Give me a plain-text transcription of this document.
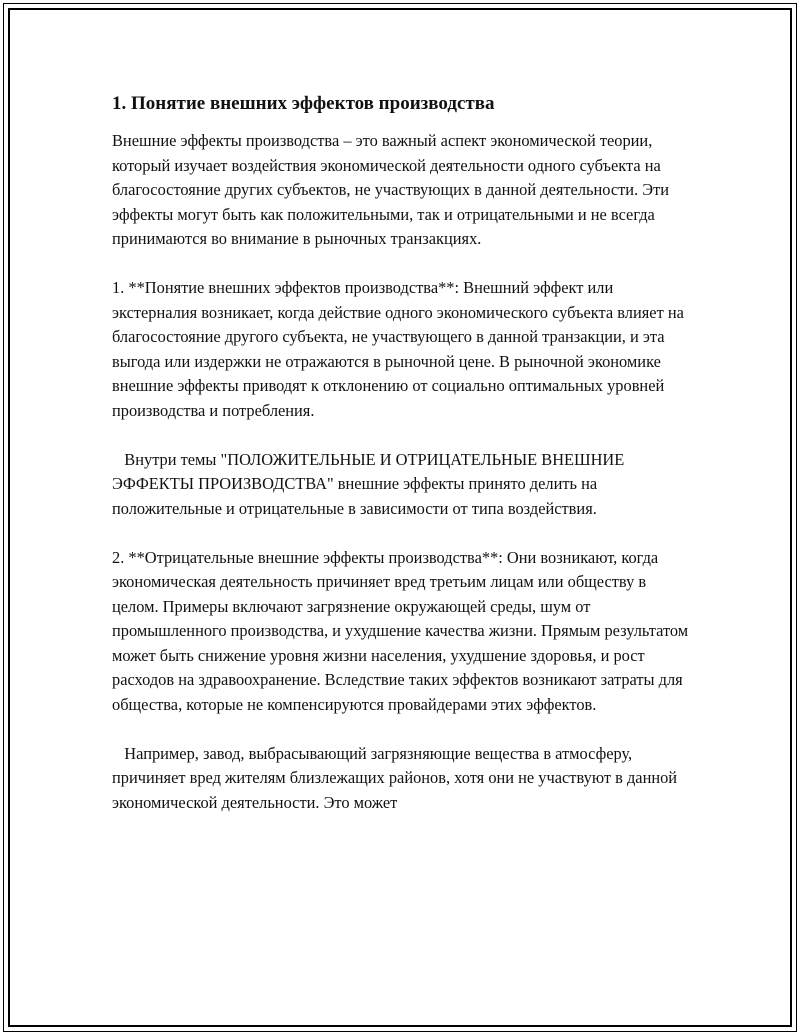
1. Понятие внешних эффектов производства

Внешние эффекты производства – это важный аспект экономической теории, который изучает воздействия экономической деятельности одного субъекта на благосостояние других субъектов, не участвующих в данной деятельности. Эти эффекты могут быть как положительными, так и отрицательными и не всегда принимаются во внимание в рыночных транзакциях.

1. **Понятие внешних эффектов производства**: Внешний эффект или экстерналия возникает, когда действие одного экономического субъекта влияет на благосостояние другого субъекта, не участвующего в данной транзакции, и эта выгода или издержки не отражаются в рыночной цене. В рыночной экономике внешние эффекты приводят к отклонению от социально оптимальных уровней производства и потребления.

Внутри темы "ПОЛОЖИТЕЛЬНЫЕ И ОТРИЦАТЕЛЬНЫЕ ВНЕШНИЕ ЭФФЕКТЫ ПРОИЗВОДСТВА" внешние эффекты принято делить на положительные и отрицательные в зависимости от типа воздействия.

2. **Отрицательные внешние эффекты производства**: Они возникают, когда экономическая деятельность причиняет вред третьим лицам или обществу в целом. Примеры включают загрязнение окружающей среды, шум от промышленного производства, и ухудшение качества жизни. Прямым результатом может быть снижение уровня жизни населения, ухудшение здоровья, и рост расходов на здравоохранение. Вследствие таких эффектов возникают затраты для общества, которые не компенсируются провайдерами этих эффектов.

Например, завод, выбрасывающий загрязняющие вещества в атмосферу, причиняет вред жителям близлежащих районов, хотя они не участвуют в данной экономической деятельности. Это может
